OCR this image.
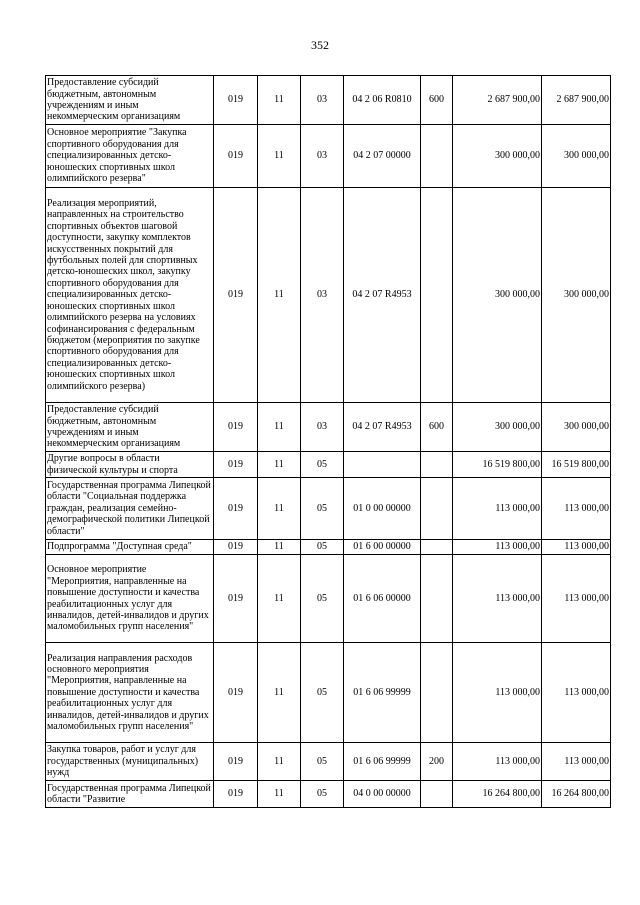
352
Предоставление субсидий бюджетным, автономным учреждениям и иным некоммерческим организациям	019	11	03	04 2 06 R0810	600	2 687 900,00	2 687 900,00
Основное мероприятие "Закупка спортивного оборудования для специализированных детско-юношеских спортивных школ олимпийского резерва"	019	11	03	04 2 07 00000		300 000,00	300 000,00
Реализация мероприятий, направленных на строительство спортивных объектов шаговой доступности, закупку комплектов искусственных покрытий для футбольных полей для спортивных детско-юношеских школ, закупку спортивного оборудования для специализированных детско-юношеских спортивных школ олимпийского резерва на условиях софинансирования с федеральным бюджетом (мероприятия по закупке спортивного оборудования для специализированных детско-юношеских спортивных школ олимпийского резерва)	019	11	03	04 2 07 R4953		300 000,00	300 000,00
Предоставление субсидий бюджетным, автономным учреждениям и иным некоммерческим организациям	019	11	03	04 2 07 R4953	600	300 000,00	300 000,00
Другие вопросы в области физической культуры и спорта	019	11	05			16 519 800,00	16 519 800,00
Государственная программа Липецкой области "Социальная поддержка граждан, реализация семейно-демографической политики Липецкой области"	019	11	05	01 0 00 00000		113 000,00	113 000,00
Подпрограмма "Доступная среда"	019	11	05	01 6 00 00000		113 000,00	113 000,00
Основное мероприятие "Мероприятия, направленные на повышение доступности и качества реабилитационных услуг для инвалидов, детей-инвалидов и других маломобильных групп населения"	019	11	05	01 6 06 00000		113 000,00	113 000,00
Реализация направления расходов основного мероприятия "Мероприятия, направленные на повышение доступности и качества реабилитационных услуг для инвалидов, детей-инвалидов и других маломобильных групп населения"	019	11	05	01 6 06 99999		113 000,00	113 000,00
Закупка товаров, работ и услуг для государственных (муниципальных) нужд	019	11	05	01 6 06 99999	200	113 000,00	113 000,00
Государственная программа Липецкой области "Развитие	019	11	05	04 0 00 00000		16 264 800,00	16 264 800,00
